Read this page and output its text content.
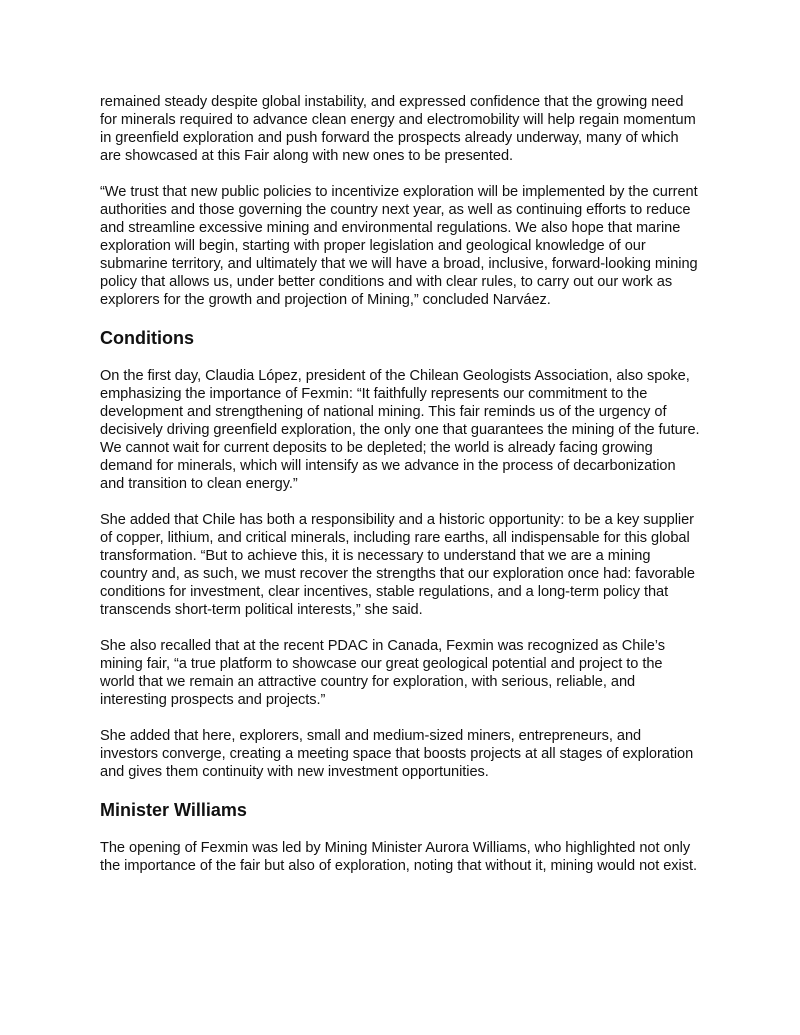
remained steady despite global instability, and expressed confidence that the growing need for minerals required to advance clean energy and electromobility will help regain momentum in greenfield exploration and push forward the prospects already underway, many of which are showcased at this Fair along with new ones to be presented.

“We trust that new public policies to incentivize exploration will be implemented by the current authorities and those governing the country next year, as well as continuing efforts to reduce and streamline excessive mining and environmental regulations. We also hope that marine exploration will begin, starting with proper legislation and geological knowledge of our submarine territory, and ultimately that we will have a broad, inclusive, forward-looking mining policy that allows us, under better conditions and with clear rules, to carry out our work as explorers for the growth and projection of Mining,” concluded Narváez.

Conditions

On the first day, Claudia López, president of the Chilean Geologists Association, also spoke, emphasizing the importance of Fexmin: “It faithfully represents our commitment to the development and strengthening of national mining. This fair reminds us of the urgency of decisively driving greenfield exploration, the only one that guarantees the mining of the future. We cannot wait for current deposits to be depleted; the world is already facing growing demand for minerals, which will intensify as we advance in the process of decarbonization and transition to clean energy.”

She added that Chile has both a responsibility and a historic opportunity: to be a key supplier of copper, lithium, and critical minerals, including rare earths, all indispensable for this global transformation. “But to achieve this, it is necessary to understand that we are a mining country and, as such, we must recover the strengths that our exploration once had: favorable conditions for investment, clear incentives, stable regulations, and a long-term policy that transcends short-term political interests,” she said.

She also recalled that at the recent PDAC in Canada, Fexmin was recognized as Chile’s mining fair, “a true platform to showcase our great geological potential and project to the world that we remain an attractive country for exploration, with serious, reliable, and interesting prospects and projects.”

She added that here, explorers, small and medium-sized miners, entrepreneurs, and investors converge, creating a meeting space that boosts projects at all stages of exploration and gives them continuity with new investment opportunities.

Minister Williams

The opening of Fexmin was led by Mining Minister Aurora Williams, who highlighted not only the importance of the fair but also of exploration, noting that without it, mining would not exist.
